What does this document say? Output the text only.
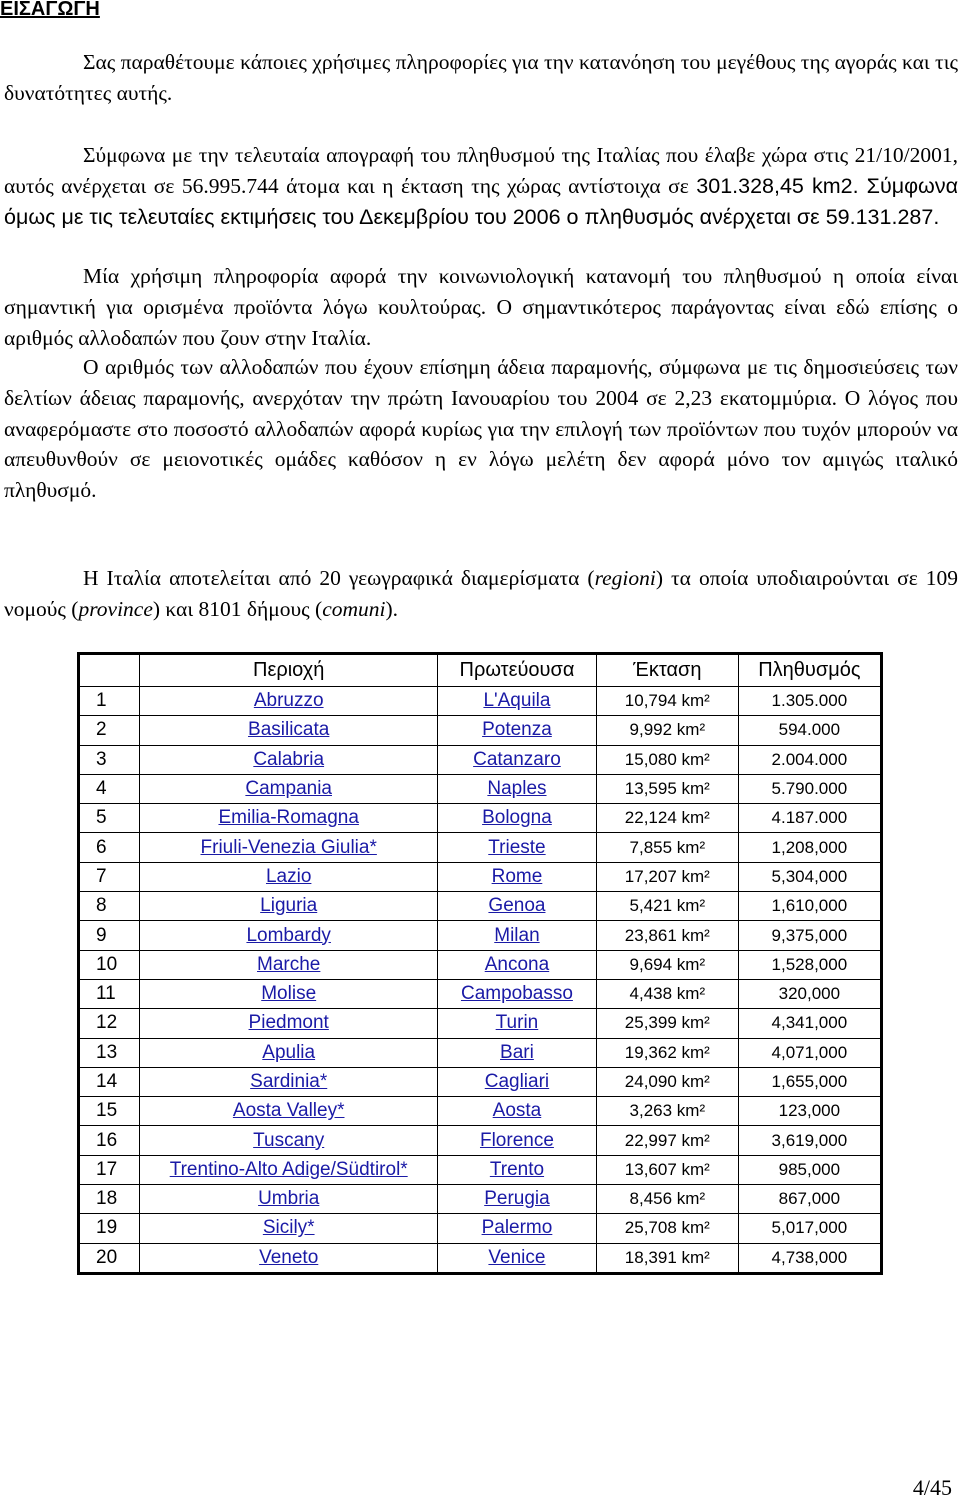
ΕΙΣΑΓΩΓΗ

Σας παραθέτουμε κάποιες χρήσιμες πληροφορίες για την κατανόηση του μεγέθους της αγοράς και τις δυνατότητες αυτής.

Σύμφωνα με την τελευταία απογραφή του πληθυσμού της Ιταλίας που έλαβε χώρα στις 21/10/2001, αυτός ανέρχεται σε 56.995.744 άτομα και η έκταση της χώρας αντίστοιχα σε 301.328,45 km2. Σύμφωνα όμως με τις τελευταίες εκτιμήσεις του Δεκεμβρίου του 2006 ο πληθυσμός ανέρχεται σε 59.131.287.

Μία χρήσιμη πληροφορία αφορά την κοινωνιολογική κατανομή του πληθυσμού η οποία είναι σημαντική για ορισμένα προϊόντα λόγω κουλτούρας. Ο σημαντικότερος παράγοντας είναι εδώ επίσης ο αριθμός αλλοδαπών που ζουν στην Ιταλία.

Ο αριθμός των αλλοδαπών που έχουν επίσημη άδεια παραμονής, σύμφωνα με τις δημοσιεύσεις των δελτίων άδειας παραμονής, ανερχόταν την πρώτη Ιανουαρίου του 2004 σε 2,23 εκατομμύρια. Ο λόγος που αναφερόμαστε στο ποσοστό αλλοδαπών αφορά κυρίως για την επιλογή των προϊόντων που τυχόν μπορούν να απευθυνθούν σε μειονοτικές ομάδες καθόσον η εν λόγω μελέτη δεν αφορά μόνο τον αμιγώς ιταλικό πληθυσμό.

Η Ιταλία αποτελείται από 20 γεωγραφικά διαμερίσματα (regioni) τα οποία υποδιαιρούνται σε 109 νομούς (province) και 8101 δήμους (comuni).

	Περιοχή	Πρωτεύουσα	Έκταση	Πληθυσμός
1	Abruzzo	L'Aquila	10,794 km²	1.305.000
2	Basilicata	Potenza	9,992 km²	594.000
3	Calabria	Catanzaro	15,080 km²	2.004.000
4	Campania	Naples	13,595 km²	5.790.000
5	Emilia-Romagna	Bologna	22,124 km²	4.187.000
6	Friuli-Venezia Giulia*	Trieste	7,855 km²	1,208,000
7	Lazio	Rome	17,207 km²	5,304,000
8	Liguria	Genoa	5,421 km²	1,610,000
9	Lombardy	Milan	23,861 km²	9,375,000
10	Marche	Ancona	9,694 km²	1,528,000
11	Molise	Campobasso	4,438 km²	320,000
12	Piedmont	Turin	25,399 km²	4,341,000
13	Apulia	Bari	19,362 km²	4,071,000
14	Sardinia*	Cagliari	24,090 km²	1,655,000
15	Aosta Valley*	Aosta	3,263 km²	123,000
16	Tuscany	Florence	22,997 km²	3,619,000
17	Trentino-Alto Adige/Südtirol*	Trento	13,607 km²	985,000
18	Umbria	Perugia	8,456 km²	867,000
19	Sicily*	Palermo	25,708 km²	5,017,000
20	Veneto	Venice	18,391 km²	4,738,000

4/45
